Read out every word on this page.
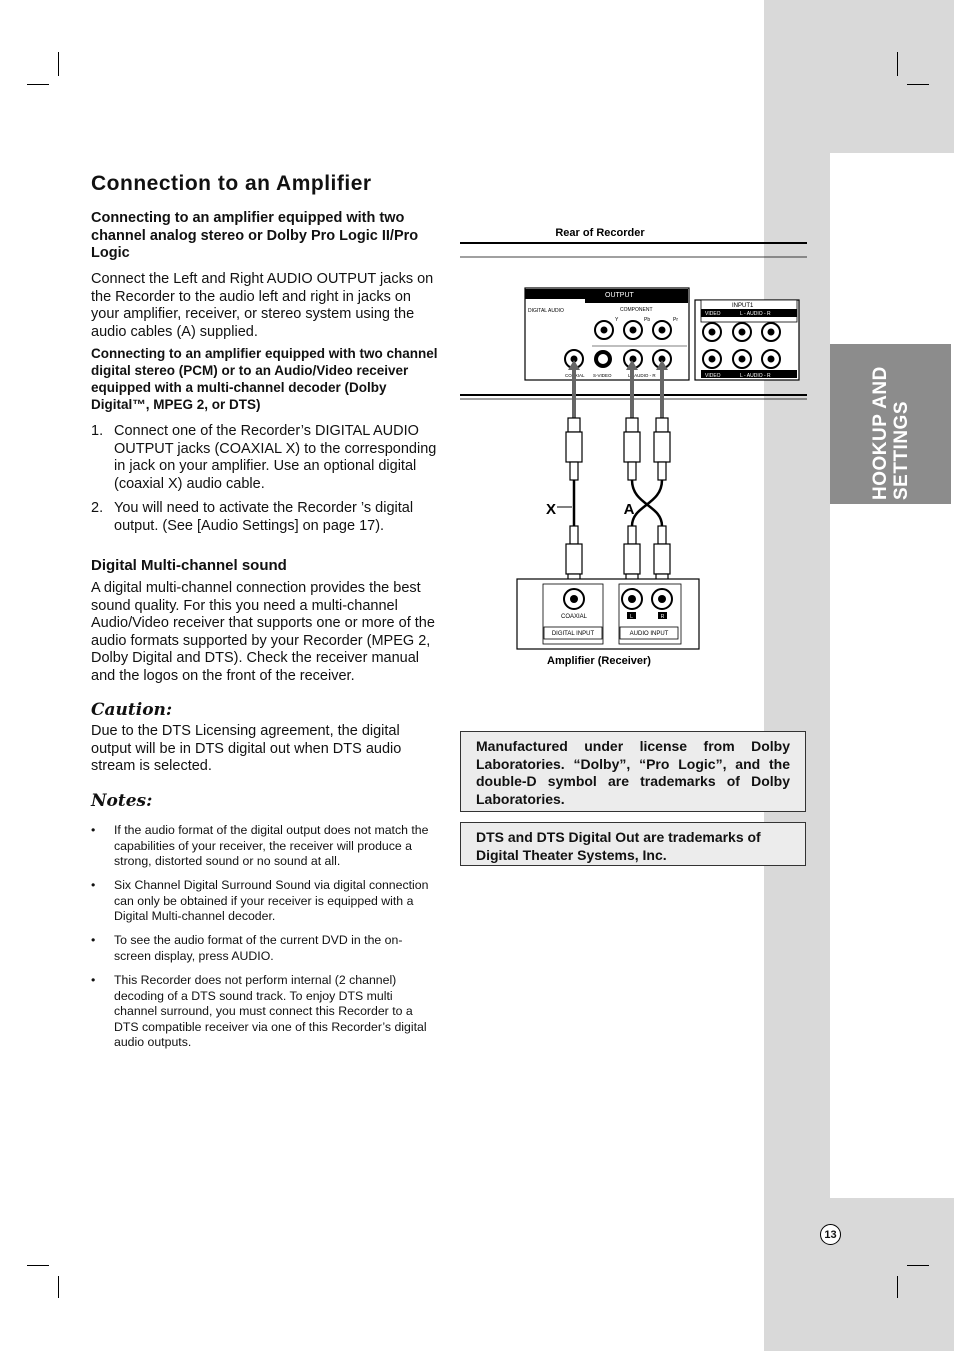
HOOKUP AND SETTINGS
Connection to an Amplifier
Connecting to an amplifier equipped with two channel analog stereo or Dolby Pro Logic II/Pro Logic
Connect the Left and Right AUDIO OUTPUT jacks on the Recorder to the audio left and right in jacks on your amplifier, receiver, or stereo system using the audio cables (A) supplied.
Connecting to an amplifier equipped with two channel digital stereo (PCM) or to an Audio/Video receiver equipped with a multi-channel decoder (Dolby Digital™, MPEG 2, or DTS)
1. Connect one of the Recorder’s DIGITAL AUDIO OUTPUT jacks (COAXIAL X) to the corresponding in jack on your amplifier. Use an optional digital (coaxial X) audio cable.
2. You will need to activate the Recorder ’s digital output. (See [Audio Settings] on page 17).
Digital Multi-channel sound
A digital multi-channel connection provides the best sound quality. For this you need a multi-channel Audio/Video receiver that supports one or more of the audio formats supported by your Recorder (MPEG 2, Dolby Digital and DTS). Check the receiver manual and the logos on the front of the receiver.
Caution:
Due to the DTS Licensing agreement, the digital output will be in DTS digital out when DTS audio stream is selected.
Notes:
• If the audio format of the digital output does not match the capabilities of your receiver, the receiver will produce a strong, distorted sound or no sound at all.
• Six Channel Digital Surround Sound via digital connection can only be obtained if your receiver is equipped with a Digital Multi-channel decoder.
• To see the audio format of the current DVD in the on-screen display, press AUDIO.
• This Recorder does not perform internal (2 channel) decoding of a DTS sound track. To enjoy DTS multi channel surround, you must connect this Recorder to a DTS compatible receiver via one of this Recorder’s digital audio outputs.
Rear of Recorder
OUTPUT
DIGITAL AUDIO	COMPONENT
Y	Pb	Pr
COAXIAL S-VIDEO	L - AUDIO - R
INPUT1
VIDEO	L - AUDIO - R
VIDEO	L - AUDIO - R
X	A
COAXIAL	L	R
DIGITAL INPUT	AUDIO INPUT
Amplifier (Receiver)
Manufactured under license from Dolby Laboratories. “Dolby”, “Pro Logic”, and the double-D symbol are trademarks of Dolby Laboratories.
DTS and DTS Digital Out are trademarks of Digital Theater Systems, Inc.
13
